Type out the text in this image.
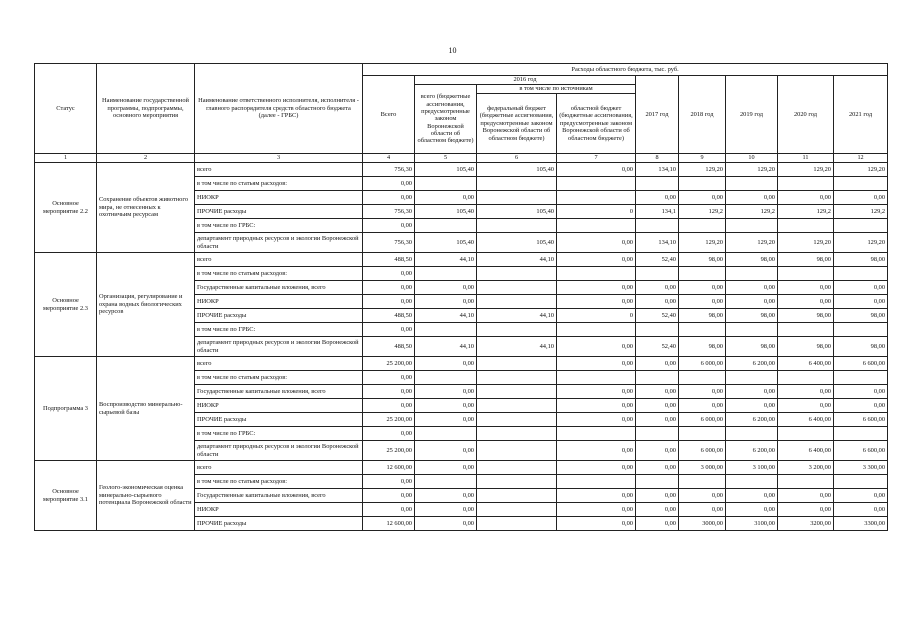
10
Статус	Наименование государственной программы, подпрограммы, основного мероприятия	Наименование ответственного исполнителя, исполнителя - главного распорядителя средств областного бюджета (далее - ГРБС)	Расходы областного бюджета, тыс. руб.								
			Всего	2016 год			2017 год	2018 год	2019 год	2020 год	2021 год
				всего (бюджетные ассигнования, предусмотренные законом Воронежской области об областном бюджете)	в том числе по источникам						
					федеральный бюджет (бюджетные ассигнования, предусмотренные законом Воронежской области об областном бюджете)	областной бюджет (бюджетные ассигнования, предусмотренные законом Воронежской области об областном бюджете)					
1	2	3	4	5	6	7	8	9	10	11	12
Основное мероприятие 2.2	Сохранение объектов животного мира, не отнесенных к охотничьим ресурсам	всего	756,30	105,40	105,40	0,00	134,10	129,20	129,20	129,20	129,20
		в том числе по статьям расходов:	0,00								
		НИОКР	0,00	0,00			0,00	0,00	0,00	0,00	0,00
		ПРОЧИЕ расходы	756,30	105,40	105,40	0	134,1	129,2	129,2	129,2	129,2
		в том числе по ГРБС:	0,00								
		департамент природных ресурсов и экологии Воронежской области	756,30	105,40	105,40	0,00	134,10	129,20	129,20	129,20	129,20
Основное мероприятие 2.3	Организация, регулирование и охрана водных биологических ресурсов	всего	488,50	44,10	44,10	0,00	52,40	98,00	98,00	98,00	98,00
		в том числе по статьям расходов:	0,00								
		Государственные капитальные вложения, всего	0,00	0,00		0,00	0,00	0,00	0,00	0,00	0,00
		НИОКР	0,00	0,00		0,00	0,00	0,00	0,00	0,00	0,00
		ПРОЧИЕ расходы	488,50	44,10	44,10	0	52,40	98,00	98,00	98,00	98,00
		в том числе по ГРБС:	0,00								
		департамент природных ресурсов и экологии Воронежской области	488,50	44,10	44,10	0,00	52,40	98,00	98,00	98,00	98,00
Подпрограмма 3	Воспроизводство минерально-сырьевой базы	всего	25 200,00	0,00		0,00	0,00	6 000,00	6 200,00	6 400,00	6 600,00
		в том числе по статьям расходов:	0,00								
		Государственные капитальные вложения, всего	0,00	0,00		0,00	0,00	0,00	0,00	0,00	0,00
		НИОКР	0,00	0,00		0,00	0,00	0,00	0,00	0,00	0,00
		ПРОЧИЕ расходы	25 200,00	0,00		0,00	0,00	6 000,00	6 200,00	6 400,00	6 600,00
		в том числе по ГРБС:	0,00								
		департамент природных ресурсов и экологии Воронежской области	25 200,00	0,00		0,00	0,00	6 000,00	6 200,00	6 400,00	6 600,00
Основное мероприятие 3.1	Геолого-экономическая оценка минерально-сырьевого потенциала Воронежской области	всего	12 600,00	0,00		0,00	0,00	3 000,00	3 100,00	3 200,00	3 300,00
		в том числе по статьям расходов:	0,00								
		Государственные капитальные вложения, всего	0,00	0,00		0,00	0,00	0,00	0,00	0,00	0,00
		НИОКР	0,00	0,00		0,00	0,00	0,00	0,00	0,00	0,00
		ПРОЧИЕ расходы	12 600,00	0,00		0,00	0,00	3000,00	3100,00	3200,00	3300,00
